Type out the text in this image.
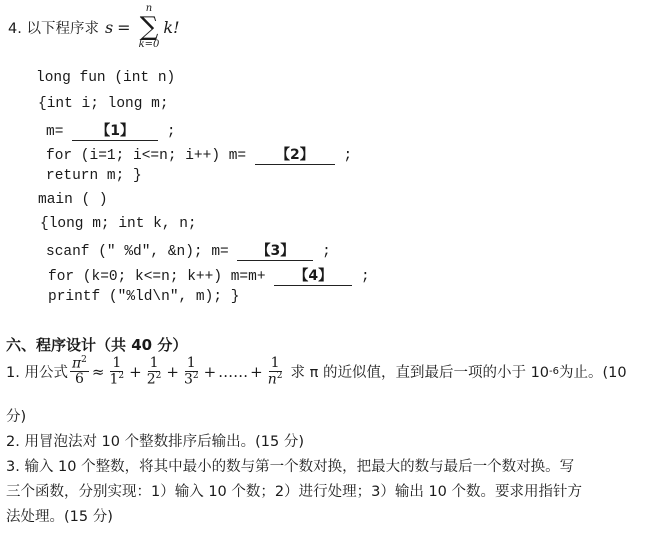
4. 以下程序求 s =
n
∑
k=0
k!
long fun (int n)
{int i; long m;
m= 【1】 ;
for (i=1; i<=n; i++) m= 【2】 ;
return m; }
main ( )
{long m; int k, n;
scanf (" %d", &n); m= 【3】 ;
for (k=0; k<=n; k++) m=m+ 【4】 ;
printf ("%ld\n", m); }
六、程序设计（共 40 分）
1. 用公式 $\frac{\pi^2}{6} \approx \frac{1}{1^2} + \frac{1}{2^2} + \frac{1}{3^2}$ + …… + $\frac{1}{n^2}$ 求 π 的近似值，直到最后一项的小于 10 -6 为止。(10
分)
2. 用冒泡法对 10 个整数排序后输出。(15 分)
3. 输入 10 个整数，将其中最小的数与第一个数对换，把最大的数与最后一个数对换。写
三个函数，分别实现：1）输入 10 个数；2）进行处理；3）输出 10 个数。要求用指针方
法处理。(15 分)
